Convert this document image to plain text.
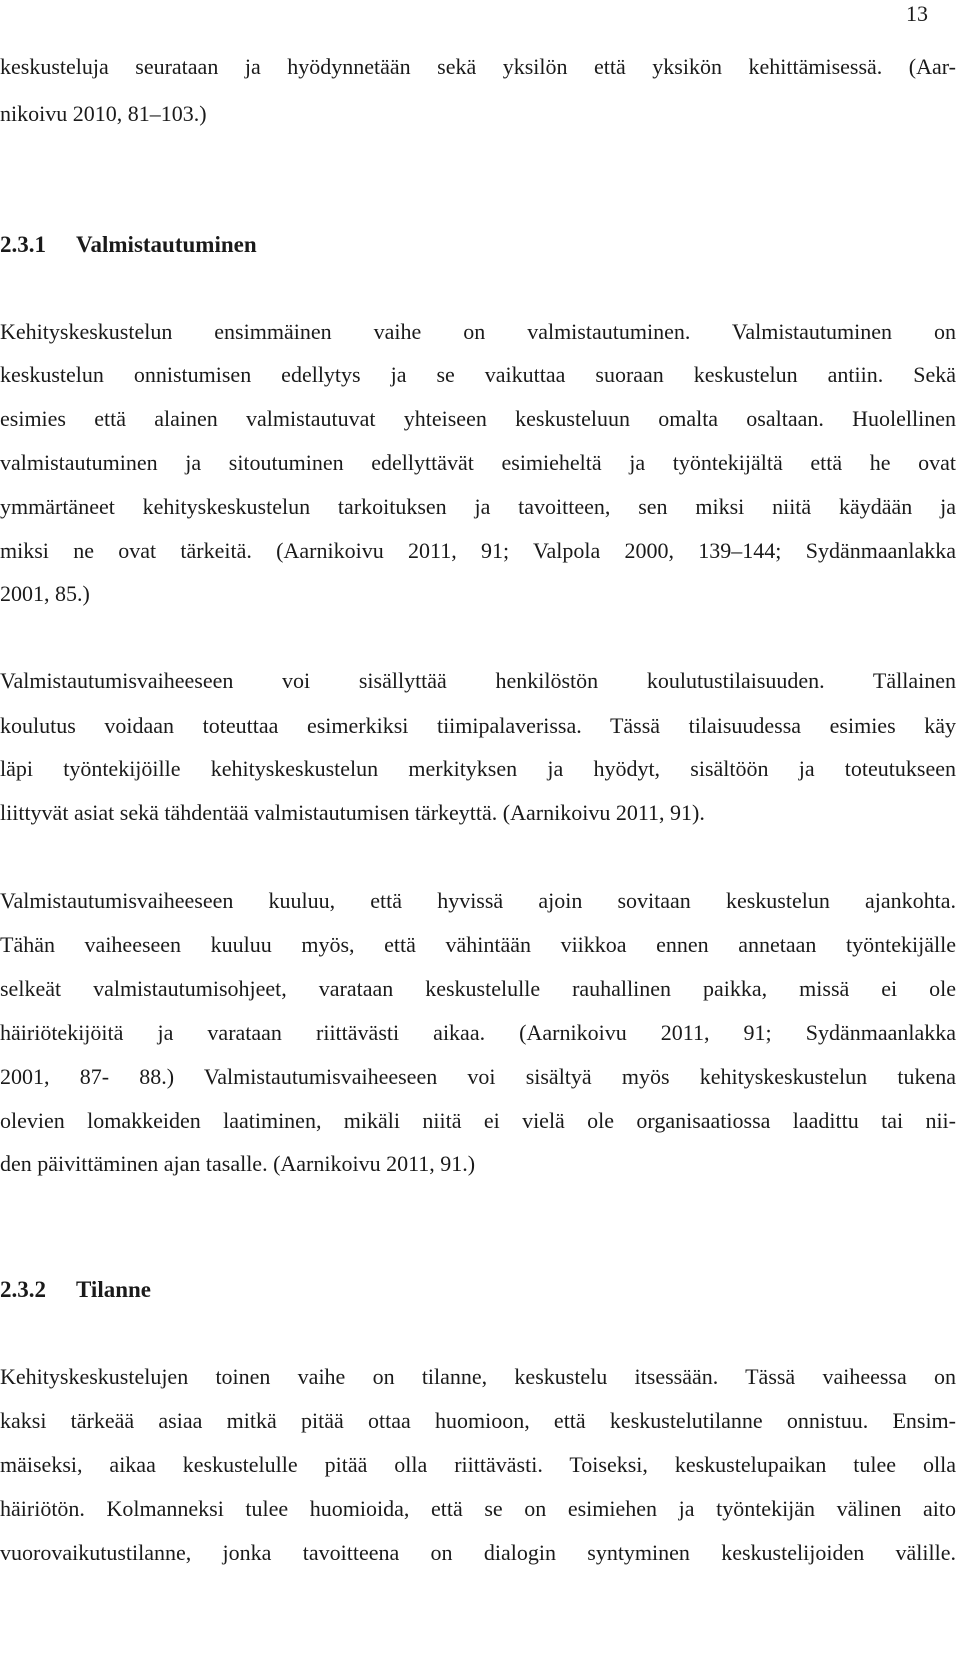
13
keskusteluja seurataan ja hyödynnetään sekä yksilön että yksikön kehittämisessä. (Aar-
nikoivu 2010, 81–103.)
2.3.1 Valmistautuminen
Kehityskeskustelun ensimmäinen vaihe on valmistautuminen. Valmistautuminen on
keskustelun onnistumisen edellytys ja se vaikuttaa suoraan keskustelun antiin. Sekä
esimies että alainen valmistautuvat yhteiseen keskusteluun omalta osaltaan. Huolellinen
valmistautuminen ja sitoutuminen edellyttävät esimieheltä ja työntekijältä että he ovat
ymmärtäneet kehityskeskustelun tarkoituksen ja tavoitteen, sen miksi niitä käydään ja
miksi ne ovat tärkeitä. (Aarnikoivu 2011, 91; Valpola 2000, 139–144; Sydänmaanlakka
2001, 85.)
Valmistautumisvaiheeseen voi sisällyttää henkilöstön koulutustilaisuuden. Tällainen
koulutus voidaan toteuttaa esimerkiksi tiimipalaverissa. Tässä tilaisuudessa esimies käy
läpi työntekijöille kehityskeskustelun merkityksen ja hyödyt, sisältöön ja toteutukseen
liittyvät asiat sekä tähdentää valmistautumisen tärkeyttä. (Aarnikoivu 2011, 91).
Valmistautumisvaiheeseen kuuluu, että hyvissä ajoin sovitaan keskustelun ajankohta.
Tähän vaiheeseen kuuluu myös, että vähintään viikkoa ennen annetaan työntekijälle
selkeät valmistautumisohjeet, varataan keskustelulle rauhallinen paikka, missä ei ole
häiriötekijöitä ja varataan riittävästi aikaa. (Aarnikoivu 2011, 91; Sydänmaanlakka
2001, 87- 88.) Valmistautumisvaiheeseen voi sisältyä myös kehityskeskustelun tukena
olevien lomakkeiden laatiminen, mikäli niitä ei vielä ole organisaatiossa laadittu tai nii-
den päivittäminen ajan tasalle. (Aarnikoivu 2011, 91.)
2.3.2 Tilanne
Kehityskeskustelujen toinen vaihe on tilanne, keskustelu itsessään. Tässä vaiheessa on
kaksi tärkeää asiaa mitkä pitää ottaa huomioon, että keskustelutilanne onnistuu. Ensim-
mäiseksi, aikaa keskustelulle pitää olla riittävästi. Toiseksi, keskustelupaikan tulee olla
häiriötön. Kolmanneksi tulee huomioida, että se on esimiehen ja työntekijän välinen aito
vuorovaikutustilanne, jonka tavoitteena on dialogin syntyminen keskustelijoiden välille.
